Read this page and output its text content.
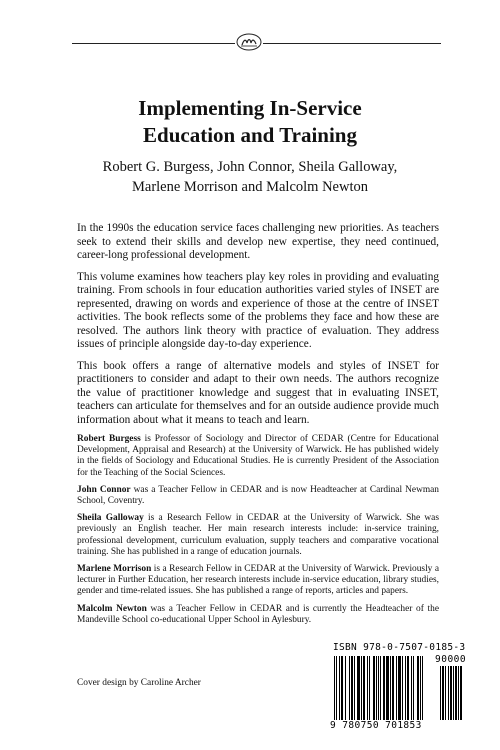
Implementing In-Service
Education and Training
Robert G. Burgess, John Connor, Sheila Galloway,
Marlene Morrison and Malcolm Newton

In the 1990s the education service faces challenging new priorities. As teachers seek to extend their skills and develop new expertise, they need continued, career-long professional development.

This volume examines how teachers play key roles in providing and evaluating training. From schools in four education authorities varied styles of INSET are represented, drawing on words and experience of those at the centre of INSET activities. The book reflects some of the problems they face and how these are resolved. The authors link theory with practice of evaluation. They address issues of principle alongside day-to-day experience.

This book offers a range of alternative models and styles of INSET for practitioners to consider and adapt to their own needs. The authors recognize the value of practitioner knowledge and suggest that in evaluating INSET, teachers can articulate for themselves and for an outside audience provide much information about what it means to teach and learn.

Robert Burgess is Professor of Sociology and Director of CEDAR (Centre for Educational Development, Appraisal and Research) at the University of Warwick. He has published widely in the fields of Sociology and Educational Studies. He is currently President of the Association for the Teaching of the Social Sciences.

John Connor was a Teacher Fellow in CEDAR and is now Headteacher at Cardinal Newman School, Coventry.

Sheila Galloway is a Research Fellow in CEDAR at the University of Warwick. She was previously an English teacher. Her main research interests include: in-service training, professional development, curriculum evaluation, supply teachers and comparative vocational training. She has published in a range of education journals.

Marlene Morrison is a Research Fellow in CEDAR at the University of Warwick. Previously a lecturer in Further Education, her research interests include in-service education, library studies, gender and time-related issues. She has published a range of reports, articles and papers.

Malcolm Newton was a Teacher Fellow in CEDAR and is currently the Headteacher of the Mandeville School co-educational Upper School in Aylesbury.

Cover design by Caroline Archer
ISBN 978-0-7507-0185-3
90000
9 780750 701853
